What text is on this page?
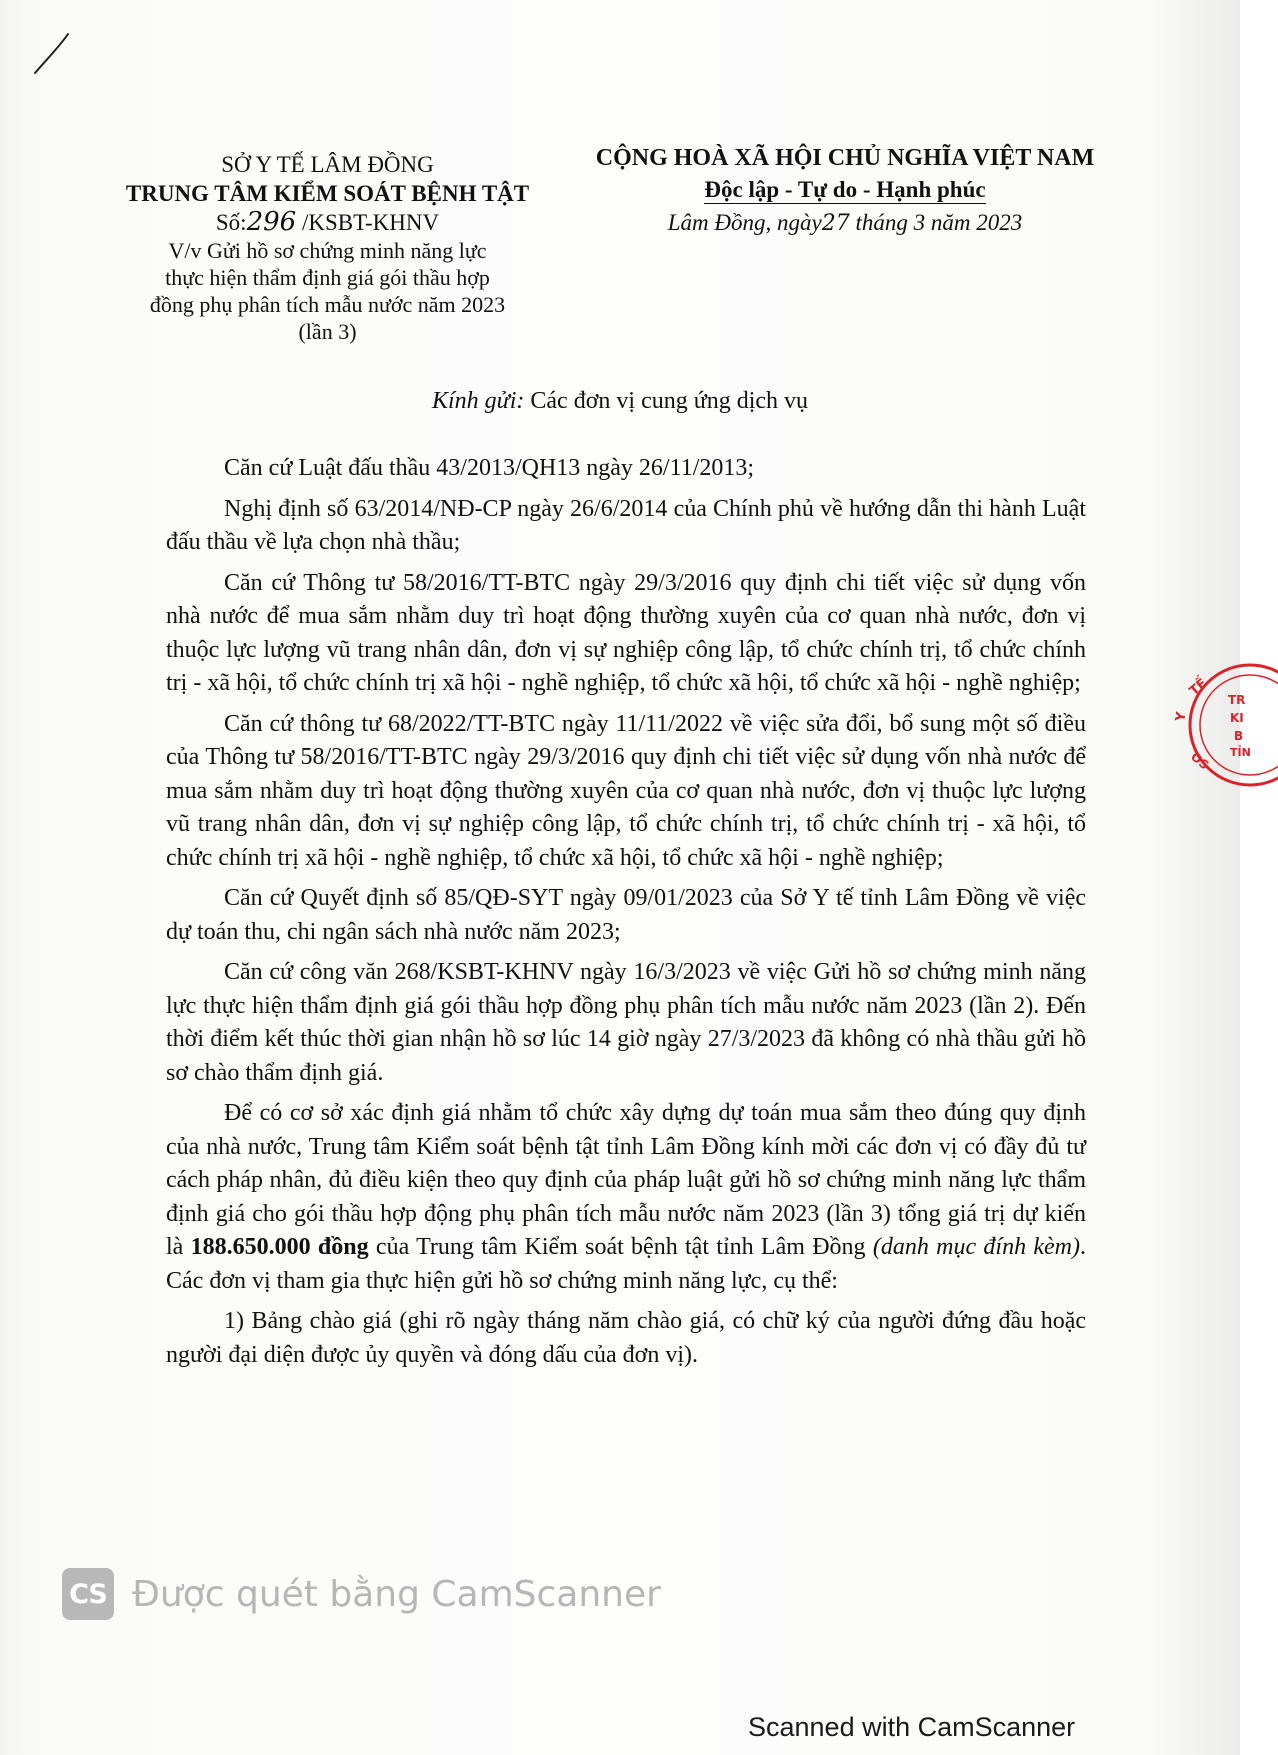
SỞ Y TẾ LÂM ĐỒNG
TRUNG TÂM KIỂM SOÁT BỆNH TẬT
Số:296 /KSBT-KHNV
V/v Gửi hồ sơ chứng minh năng lực
thực hiện thẩm định giá gói thầu hợp
đồng phụ phân tích mẫu nước năm 2023
(lần 3)
CỘNG HOÀ XÃ HỘI CHỦ NGHĨA VIỆT NAM
Độc lập - Tự do - Hạnh phúc
Lâm Đồng, ngày27 tháng 3 năm 2023
Kính gửi: Các đơn vị cung ứng dịch vụ

Căn cứ Luật đấu thầu 43/2013/QH13 ngày 26/11/2013;

Nghị định số 63/2014/NĐ-CP ngày 26/6/2014 của Chính phủ về hướng dẫn thi hành Luật đấu thầu về lựa chọn nhà thầu;

Căn cứ Thông tư 58/2016/TT-BTC ngày 29/3/2016 quy định chi tiết việc sử dụng vốn nhà nước để mua sắm nhằm duy trì hoạt động thường xuyên của cơ quan nhà nước, đơn vị thuộc lực lượng vũ trang nhân dân, đơn vị sự nghiệp công lập, tổ chức chính trị, tổ chức chính trị - xã hội, tổ chức chính trị xã hội - nghề nghiệp, tổ chức xã hội, tổ chức xã hội - nghề nghiệp;

Căn cứ thông tư 68/2022/TT-BTC ngày 11/11/2022 về việc sửa đổi, bổ sung một số điều của Thông tư 58/2016/TT-BTC ngày 29/3/2016 quy định chi tiết việc sử dụng vốn nhà nước để mua sắm nhằm duy trì hoạt động thường xuyên của cơ quan nhà nước, đơn vị thuộc lực lượng vũ trang nhân dân, đơn vị sự nghiệp công lập, tổ chức chính trị, tổ chức chính trị - xã hội, tổ chức chính trị xã hội - nghề nghiệp, tổ chức xã hội, tổ chức xã hội - nghề nghiệp;

Căn cứ Quyết định số 85/QĐ-SYT ngày 09/01/2023 của Sở Y tế tỉnh Lâm Đồng về việc dự toán thu, chi ngân sách nhà nước năm 2023;

Căn cứ công văn 268/KSBT-KHNV ngày 16/3/2023 về việc Gửi hồ sơ chứng minh năng lực thực hiện thẩm định giá gói thầu hợp đồng phụ phân tích mẫu nước năm 2023 (lần 2). Đến thời điểm kết thúc thời gian nhận hồ sơ lúc 14 giờ ngày 27/3/2023 đã không có nhà thầu gửi hồ sơ chào thẩm định giá.

Để có cơ sở xác định giá nhằm tổ chức xây dựng dự toán mua sắm theo đúng quy định của nhà nước, Trung tâm Kiểm soát bệnh tật tỉnh Lâm Đồng kính mời các đơn vị có đầy đủ tư cách pháp nhân, đủ điều kiện theo quy định của pháp luật gửi hồ sơ chứng minh năng lực thẩm định giá cho gói thầu hợp động phụ phân tích mẫu nước năm 2023 (lần 3) tổng giá trị dự kiến là 188.650.000 đồng của Trung tâm Kiểm soát bệnh tật tỉnh Lâm Đồng (danh mục đính kèm). Các đơn vị tham gia thực hiện gửi hồ sơ chứng minh năng lực, cụ thể:

1) Bảng chào giá (ghi rõ ngày tháng năm chào giá, có chữ ký của người đứng đầu hoặc người đại diện được ủy quyền và đóng dấu của đơn vị).

TẾ
Y
OS
TR
KI
B
TỈN
CS Được quét bằng CamScanner
Scanned with CamScanner
